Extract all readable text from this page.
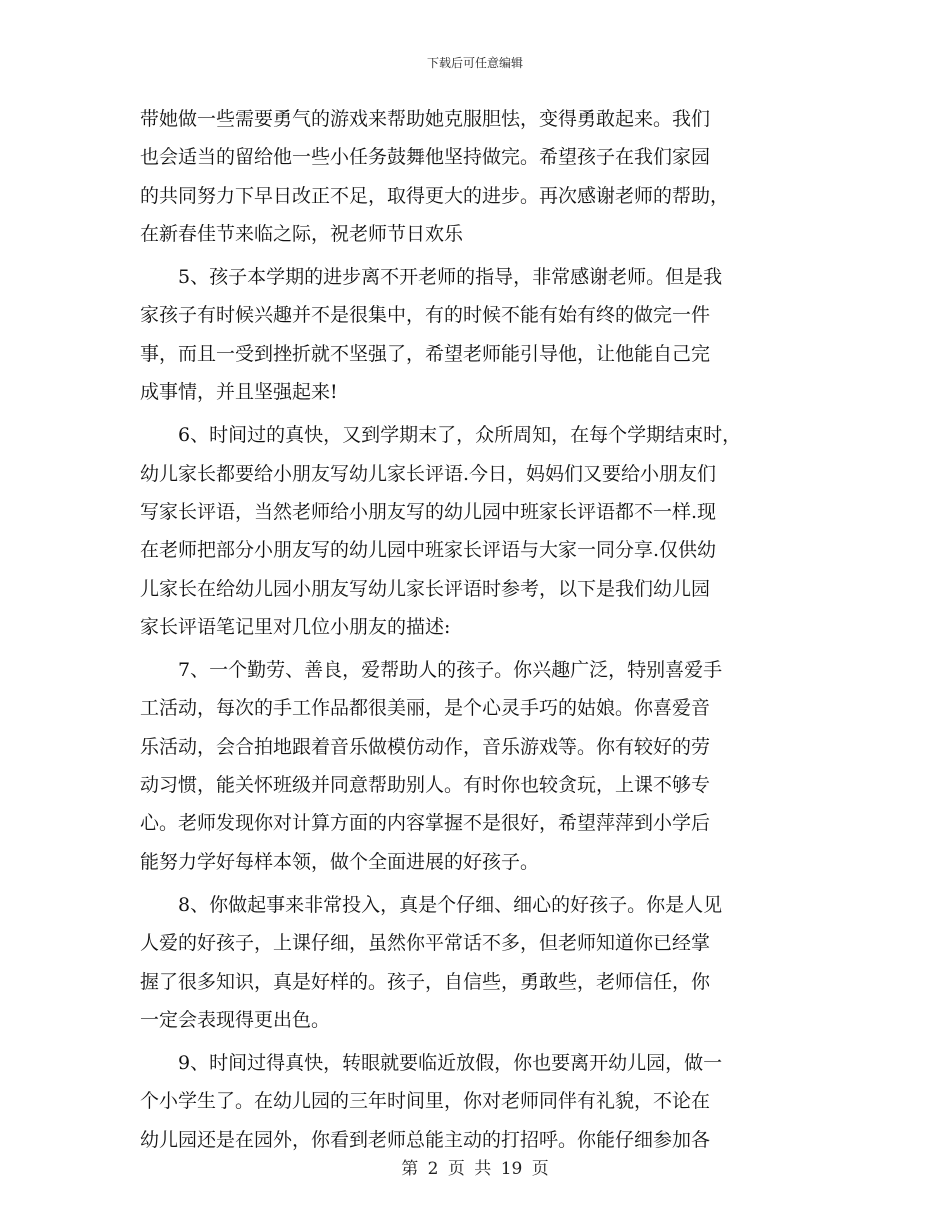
下载后可任意编辑
带她做一些需要勇气的游戏来帮助她克服胆怯，变得勇敢起来。我们
也会适当的留给他一些小任务鼓舞他坚持做完。希望孩子在我们家园
的共同努力下早日改正不足，取得更大的进步。再次感谢老师的帮助，
在新春佳节来临之际，祝老师节日欢乐
5、孩子本学期的进步离不开老师的指导，非常感谢老师。但是我
家孩子有时候兴趣并不是很集中，有的时候不能有始有终的做完一件
事，而且一受到挫折就不坚强了，希望老师能引导他，让他能自己完
成事情，并且坚强起来!
6、时间过的真快，又到学期末了，众所周知，在每个学期结束时，
幼儿家长都要给小朋友写幼儿家长评语.今日，妈妈们又要给小朋友们
写家长评语，当然老师给小朋友写的幼儿园中班家长评语都不一样.现
在老师把部分小朋友写的幼儿园中班家长评语与大家一同分享.仅供幼
儿家长在给幼儿园小朋友写幼儿家长评语时参考，以下是我们幼儿园
家长评语笔记里对几位小朋友的描述:
7、一个勤劳、善良，爱帮助人的孩子。你兴趣广泛，特别喜爱手
工活动，每次的手工作品都很美丽，是个心灵手巧的姑娘。你喜爱音
乐活动，会合拍地跟着音乐做模仿动作，音乐游戏等。你有较好的劳
动习惯，能关怀班级并同意帮助别人。有时你也较贪玩，上课不够专
心。老师发现你对计算方面的内容掌握不是很好，希望萍萍到小学后
能努力学好每样本领，做个全面进展的好孩子。
8、你做起事来非常投入，真是个仔细、细心的好孩子。你是人见
人爱的好孩子，上课仔细，虽然你平常话不多，但老师知道你已经掌
握了很多知识，真是好样的。孩子，自信些，勇敢些，老师信任，你
一定会表现得更出色。
9、时间过得真快，转眼就要临近放假，你也要离开幼儿园，做一
个小学生了。在幼儿园的三年时间里，你对老师同伴有礼貌，不论在
幼儿园还是在园外，你看到老师总能主动的打招呼。你能仔细参加各
第 2 页 共 19 页
